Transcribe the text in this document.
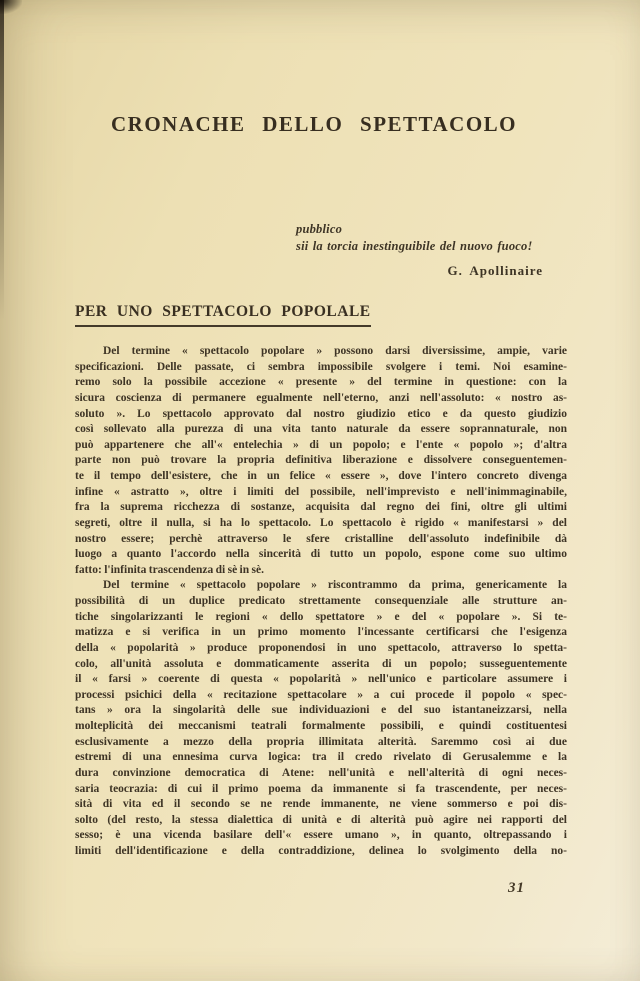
CRONACHE DELLO SPETTACOLO
pubblico
sii la torcia inestinguibile del nuovo fuoco!
G. Apollinaire
PER UNO SPETTACOLO POPOLALE
Del termine « spettacolo popolare » possono darsi diversissime, ampie, varie
specificazioni. Delle passate, ci sembra impossibile svolgere i temi. Noi esamine-
remo solo la possibile accezione « presente » del termine in questione: con la
sicura coscienza di permanere egualmente nell'eterno, anzi nell'assoluto: « nostro as-
soluto ». Lo spettacolo approvato dal nostro giudizio etico e da questo giudizio
così sollevato alla purezza di una vita tanto naturale da essere soprannaturale, non
può appartenere che all'« entelechia » di un popolo; e l'ente « popolo »; d'altra
parte non può trovare la propria definitiva liberazione e dissolvere conseguentemen-
te il tempo dell'esistere, che in un felice « essere », dove l'intero concreto divenga
infine « astratto », oltre i limiti del possibile, nell'imprevisto e nell'inimmaginabile,
fra la suprema ricchezza di sostanze, acquisita dal regno dei fini, oltre gli ultimi
segreti, oltre il nulla, si ha lo spettacolo. Lo spettacolo è rigido « manifestarsi » del
nostro essere; perchè attraverso le sfere cristalline dell'assoluto indefinibile dà
luogo a quanto l'accordo nella sincerità di tutto un popolo, espone come suo ultimo
fatto: l'infinita trascendenza di sè in sè.
Del termine « spettacolo popolare » riscontrammo da prima, genericamente la
possibilità di un duplice predicato strettamente consequenziale alle strutture an-
tiche singolarizzanti le regioni « dello spettatore » e del « popolare ». Si te-
matizza e si verifica in un primo momento l'incessante certificarsi che l'esigenza
della « popolarità » produce proponendosi in uno spettacolo, attraverso lo spetta-
colo, all'unità assoluta e dommaticamente asserita di un popolo; susseguentemente
il « farsi » coerente di questa « popolarità » nell'unico e particolare assumere i
processi psichici della « recitazione spettacolare » a cui procede il popolo « spec-
tans » ora la singolarità delle sue individuazioni e del suo istantaneizzarsi, nella
molteplicità dei meccanismi teatrali formalmente possibili, e quindi costituentesi
esclusivamente a mezzo della propria illimitata alterità. Saremmo così ai due
estremi di una ennesima curva logica: tra il credo rivelato di Gerusalemme e la
dura convinzione democratica di Atene: nell'unità e nell'alterità di ogni neces-
saria teocrazia: di cui il primo poema da immanente si fa trascendente, per neces-
sità di vita ed il secondo se ne rende immanente, ne viene sommerso e poi dis-
solto (del resto, la stessa dialettica di unità e di alterità può agire nei rapporti del
sesso; è una vicenda basilare dell'« essere umano », in quanto, oltrepassando i
limiti dell'identificazione e della contraddizione, delinea lo svolgimento della no-
31
